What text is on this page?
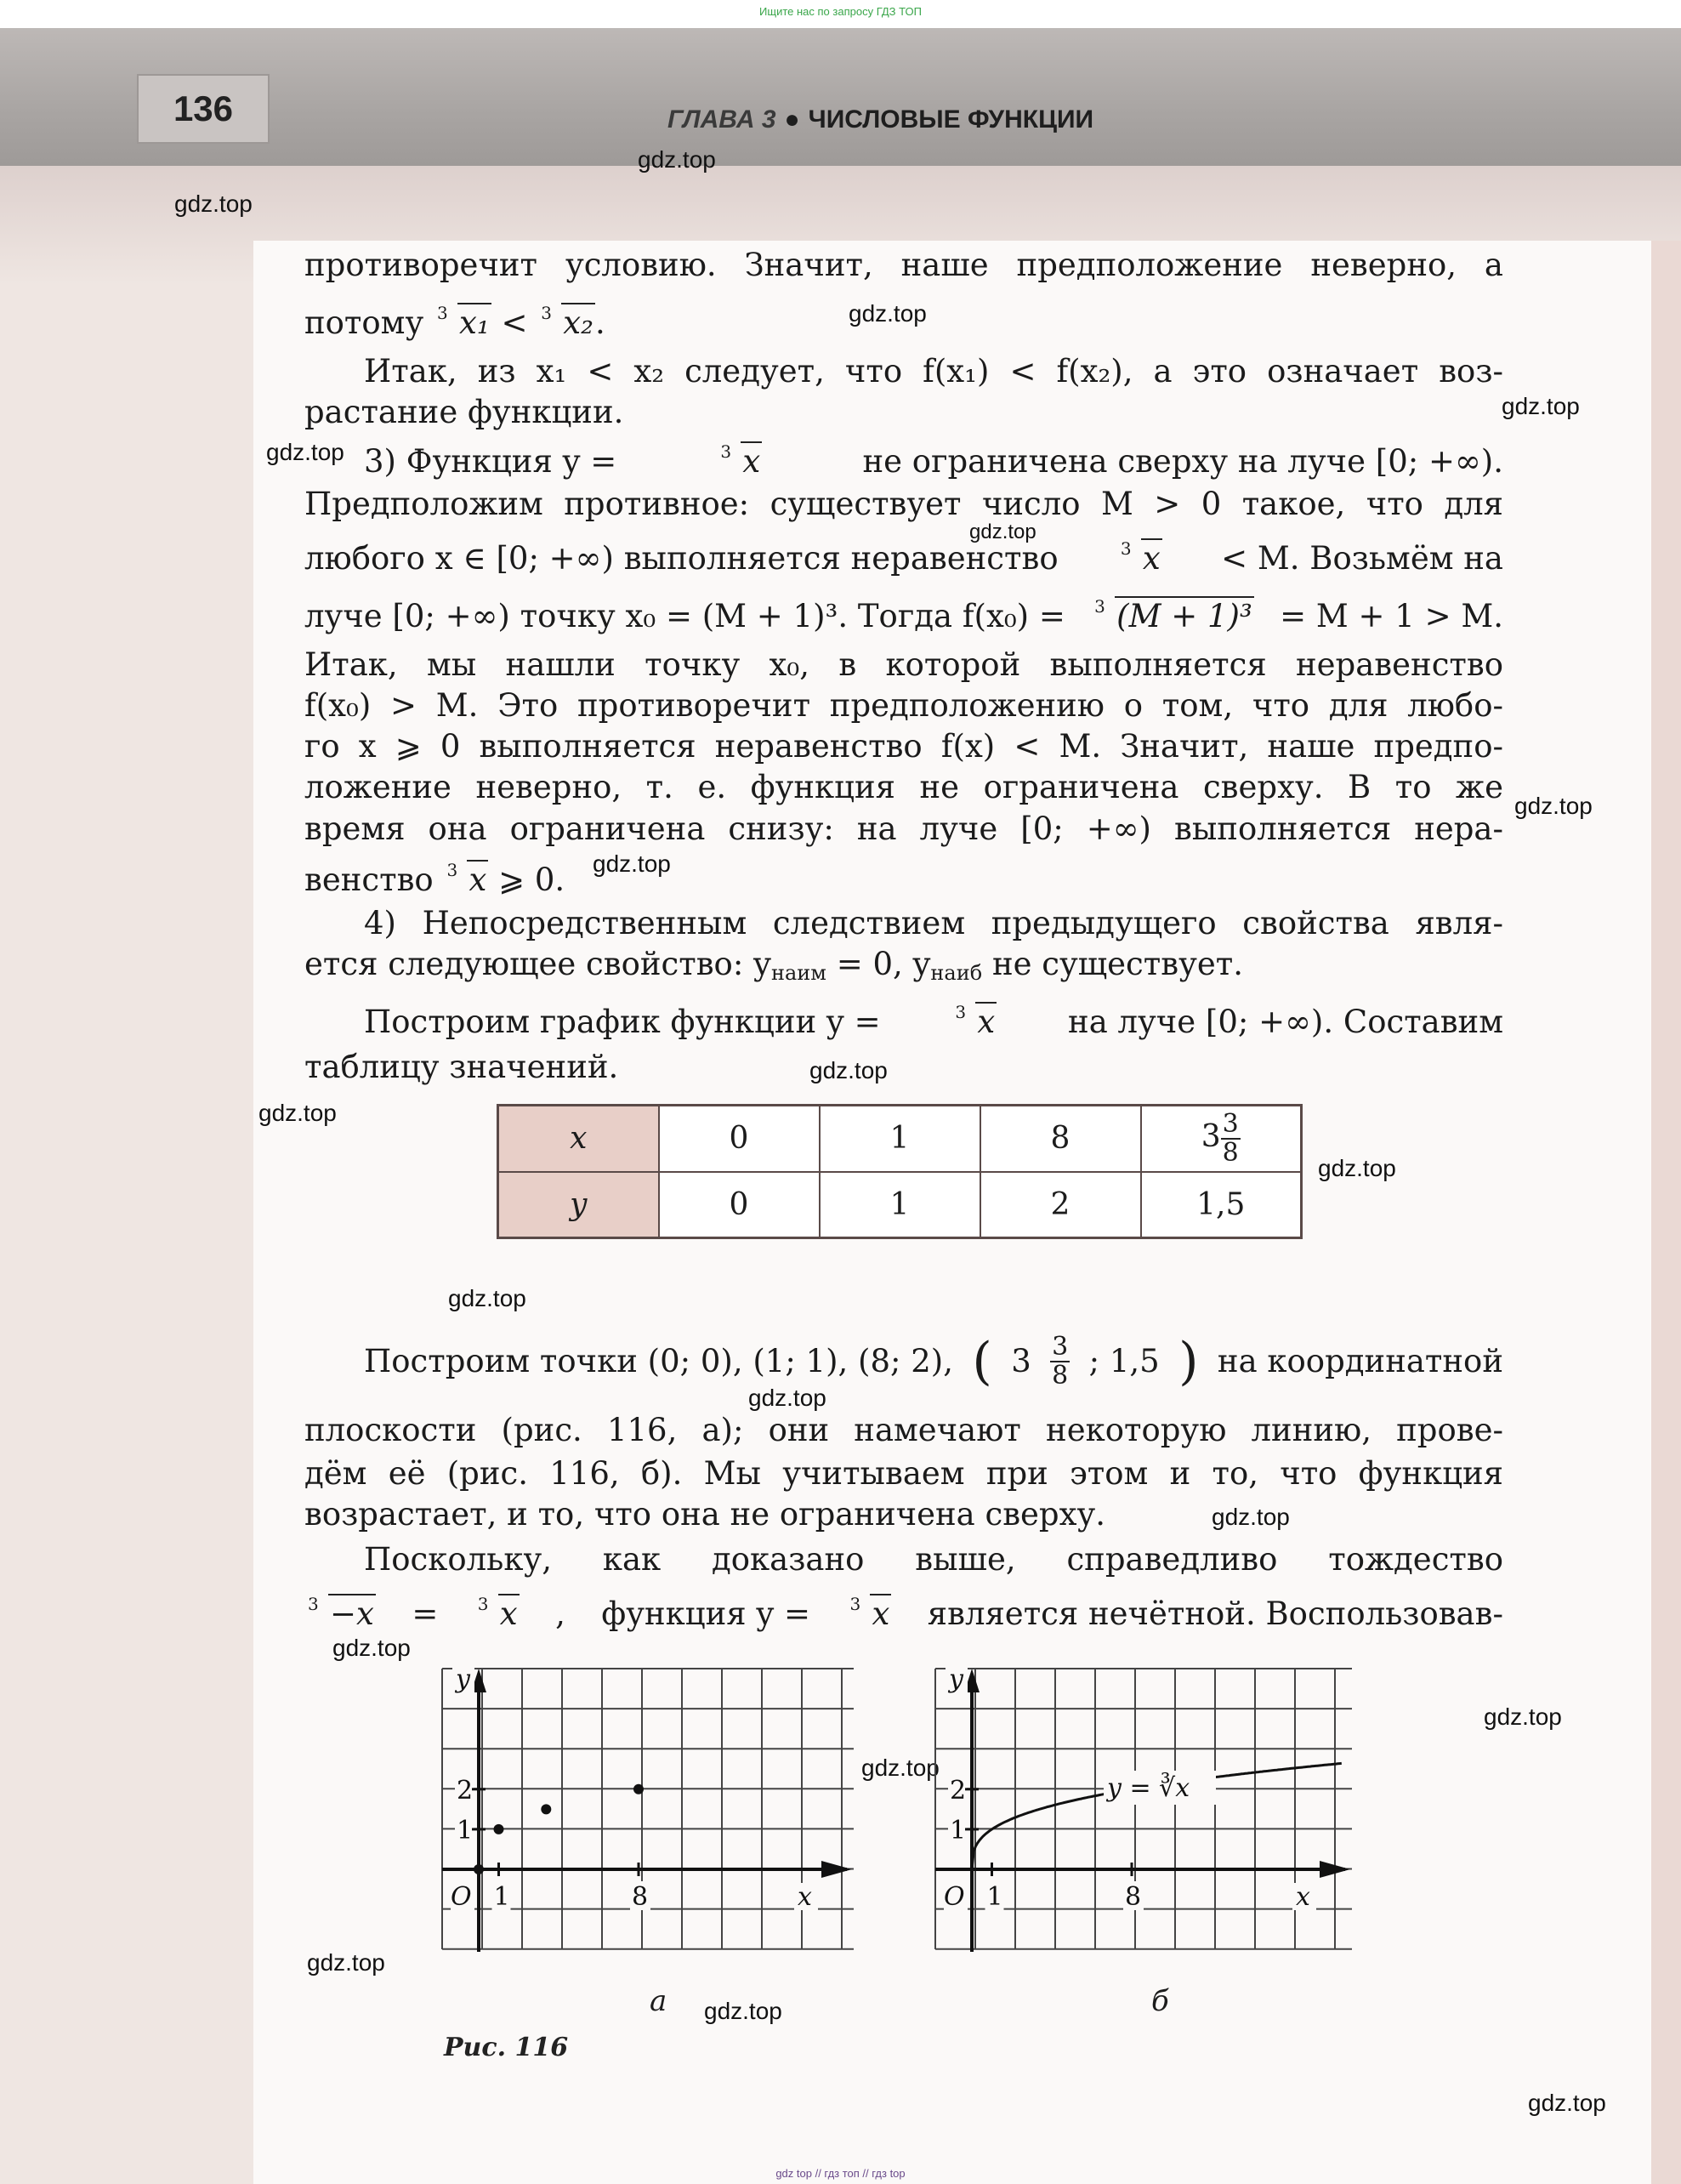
Ищите нас по запросу ГДЗ ТОП
136	ГЛАВА 3 ● ЧИСЛОВЫЕ ФУНКЦИИ
gdz.top
gdz.top
gdz.top
gdz.top
gdz.top
gdz.top
gdz.top
gdz.top
gdz.top
gdz.top
gdz.top
gdz.top
gdz.top
gdz.top
gdz.top
gdz.top
gdz.top
gdz.top
gdz.top
gdz.top
противоречит условию. Значит, наше предположение неверно, а
потому 3 x₁ < 3 x₂.
Итак, из x₁ < x₂ следует, что f(x₁) < f(x₂), а это означает воз-
растание функции.
3) Функция y =	3 x	не ограничена сверху на луче [0; +∞).
Предположим противное: существует число M > 0 такое, что для
любого x ∈ [0; +∞) выполняется неравенство	3 x < M. Возьмём на
луче [0; +∞) точку x₀ = (M + 1)³. Тогда f(x₀) = 3 (M + 1)³ = M + 1 > M.
Итак, мы нашли точку x₀, в которой выполняется неравенство
f(x₀) > M. Это противоречит предположению о том, что для любо-
го x ⩾ 0 выполняется неравенство f(x) < M. Значит, наше предпо-
ложение неверно, т. е. функция не ограничена сверху. В то же
время она ограничена снизу: на луче [0; +∞) выполняется нера-
венство 3 x ⩾ 0.
4) Непосредственным следствием предыдущего свойства явля-
ется следующее свойство: $y_{наим} = 0$, $y_{наиб}$ не существует.
Построим график функции y =	3 x на луче [0; +∞). Составим
таблицу значений.
x	0	1	8	$3 \frac{3}{8}$
y	0	1	2	1,5
Построим точки (0; 0), (1; 1), (8; 2), ( $3 \frac{3}{8}$ ; 1,5 ) на координатной
плоскости (рис. 116, а); они намечают некоторую линию, прове-
дём её (рис. 116, б). Мы учитываем при этом и то, что функция
возрастает, и то, что она не ограничена сверху.
Поскольку, как доказано выше, справедливо тождество
3 −x = 3 x , функция y = 3 x является нечётной. Воспользовав-
y
x
O 1	8
1
2
y
x
O 1	8
1
2	y = ∛x
а	б
Рис. 116
gdz top // гдз топ // гдз top
